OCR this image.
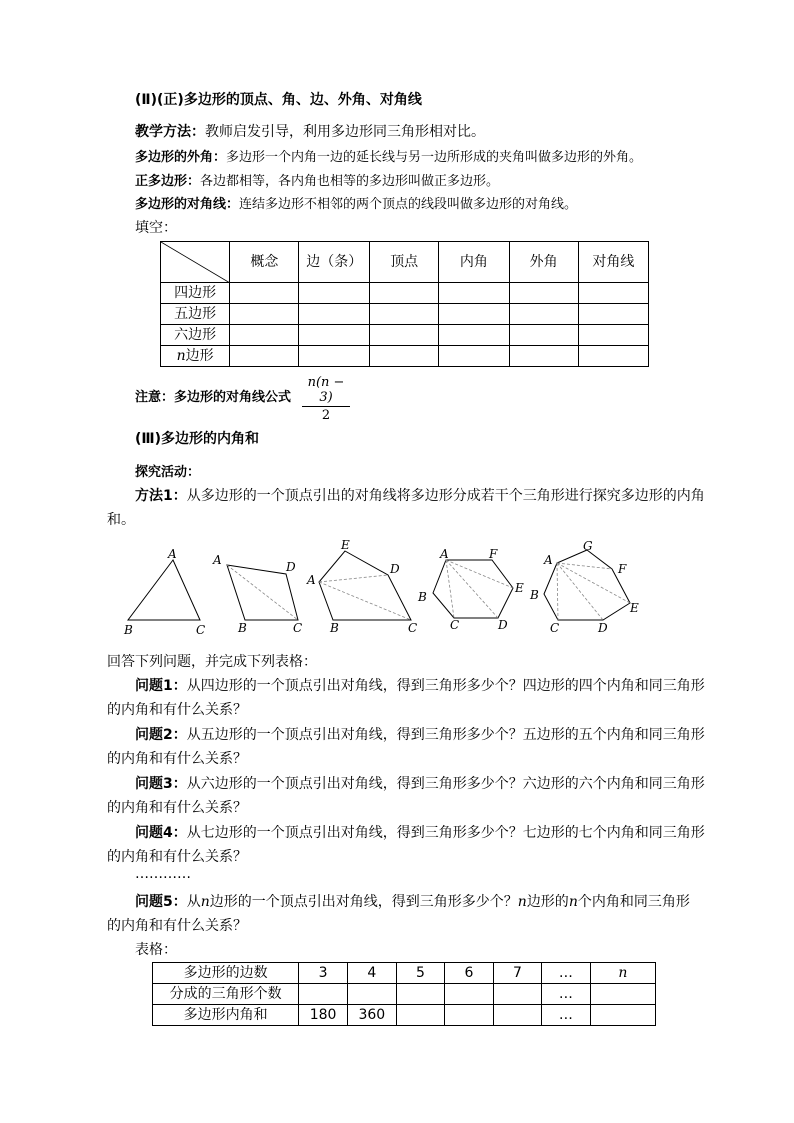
(Ⅱ)(正)多边形的顶点、角、边、外角、对角线
教学方法：教师启发引导，利用多边形同三角形相对比。
多边形的外角：多边形一个内角一边的延长线与另一边所形成的夹角叫做多边形的外角。
正多边形：各边都相等，各内角也相等的多边形叫做正多边形。
多边形的对角线：连结多边形不相邻的两个顶点的线段叫做多边形的对角线。
填空：
	概念	边（条）	顶点	内角	外角	对角线
四边形						
五边形						
六边形						
n边形						
注意：多边形的对角线公式 $\frac{n(n - 3)}{2}$
(Ⅲ)多边形的内角和
探究活动：
方法1：从多边形的一个顶点引出的对角线将多边形分成若干个三角形进行探究多边形的内角
和。
A
B	C
A	D
B	C
E
D
A
B	C
A	F
E
B
C	D
G
A
F
B
E
C	D
回答下列问题，并完成下列表格：
问题1：从四边形的一个顶点引出对角线，得到三角形多少个？四边形的四个内角和同三角形
的内角和有什么关系？
问题2：从五边形的一个顶点引出对角线，得到三角形多少个？五边形的五个内角和同三角形
的内角和有什么关系？
问题3：从六边形的一个顶点引出对角线，得到三角形多少个？六边形的六个内角和同三角形
的内角和有什么关系？
问题4：从七边形的一个顶点引出对角线，得到三角形多少个？七边形的七个内角和同三角形
的内角和有什么关系？
…………
问题5：从n边形的一个顶点引出对角线，得到三角形多少个？n边形的n个内角和同三角形
的内角和有什么关系？
表格：
多边形的边数	3	4	5	6	7	…	n
分成的三角形个数						…	
多边形内角和	180	360				…	
